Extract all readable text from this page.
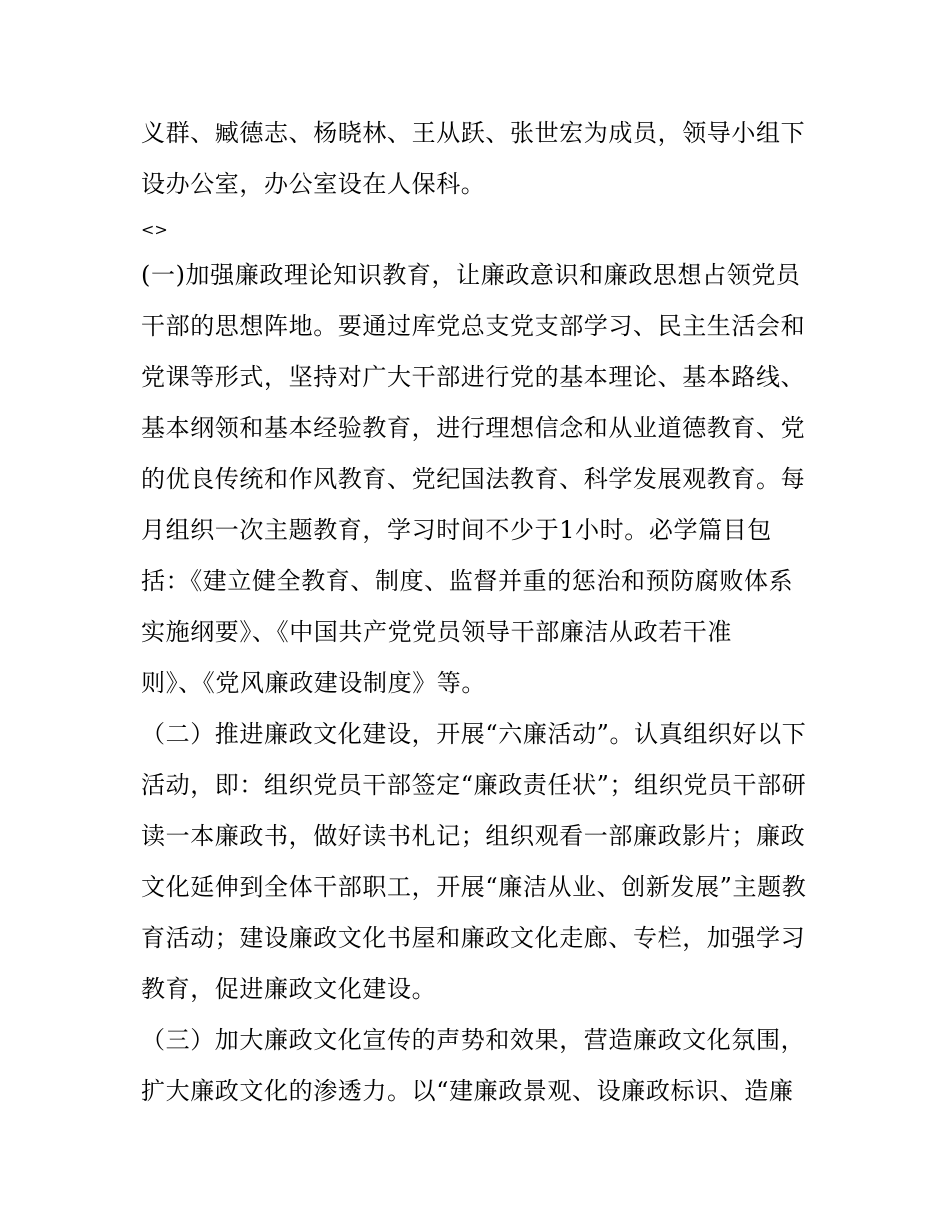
义群、臧德志、杨晓林、王从跃、张世宏为成员，领导小组下
设办公室，办公室设在人保科。
<>
(一)加强廉政理论知识教育，让廉政意识和廉政思想占领党员
干部的思想阵地。要通过库党总支党支部学习、民主生活会和
党课等形式，坚持对广大干部进行党的基本理论、基本路线、
基本纲领和基本经验教育，进行理想信念和从业道德教育、党
的优良传统和作风教育、党纪国法教育、科学发展观教育。每
月组织一次主题教育，学习时间不少于1小时。必学篇目包
括：《建立健全教育、制度、监督并重的惩治和预防腐败体系
实施纲要》、《中国共产党党员领导干部廉洁从政若干准
则》、《党风廉政建设制度》等。
（二）推进廉政文化建设，开展“六廉活动”。认真组织好以下
活动，即：组织党员干部签定“廉政责任状”；组织党员干部研
读一本廉政书，做好读书札记；组织观看一部廉政影片；廉政
文化延伸到全体干部职工，开展“廉洁从业、创新发展”主题教
育活动；建设廉政文化书屋和廉政文化走廊、专栏，加强学习
教育，促进廉政文化建设。
（三）加大廉政文化宣传的声势和效果，营造廉政文化氛围，
扩大廉政文化的渗透力。以“建廉政景观、设廉政标识、造廉
